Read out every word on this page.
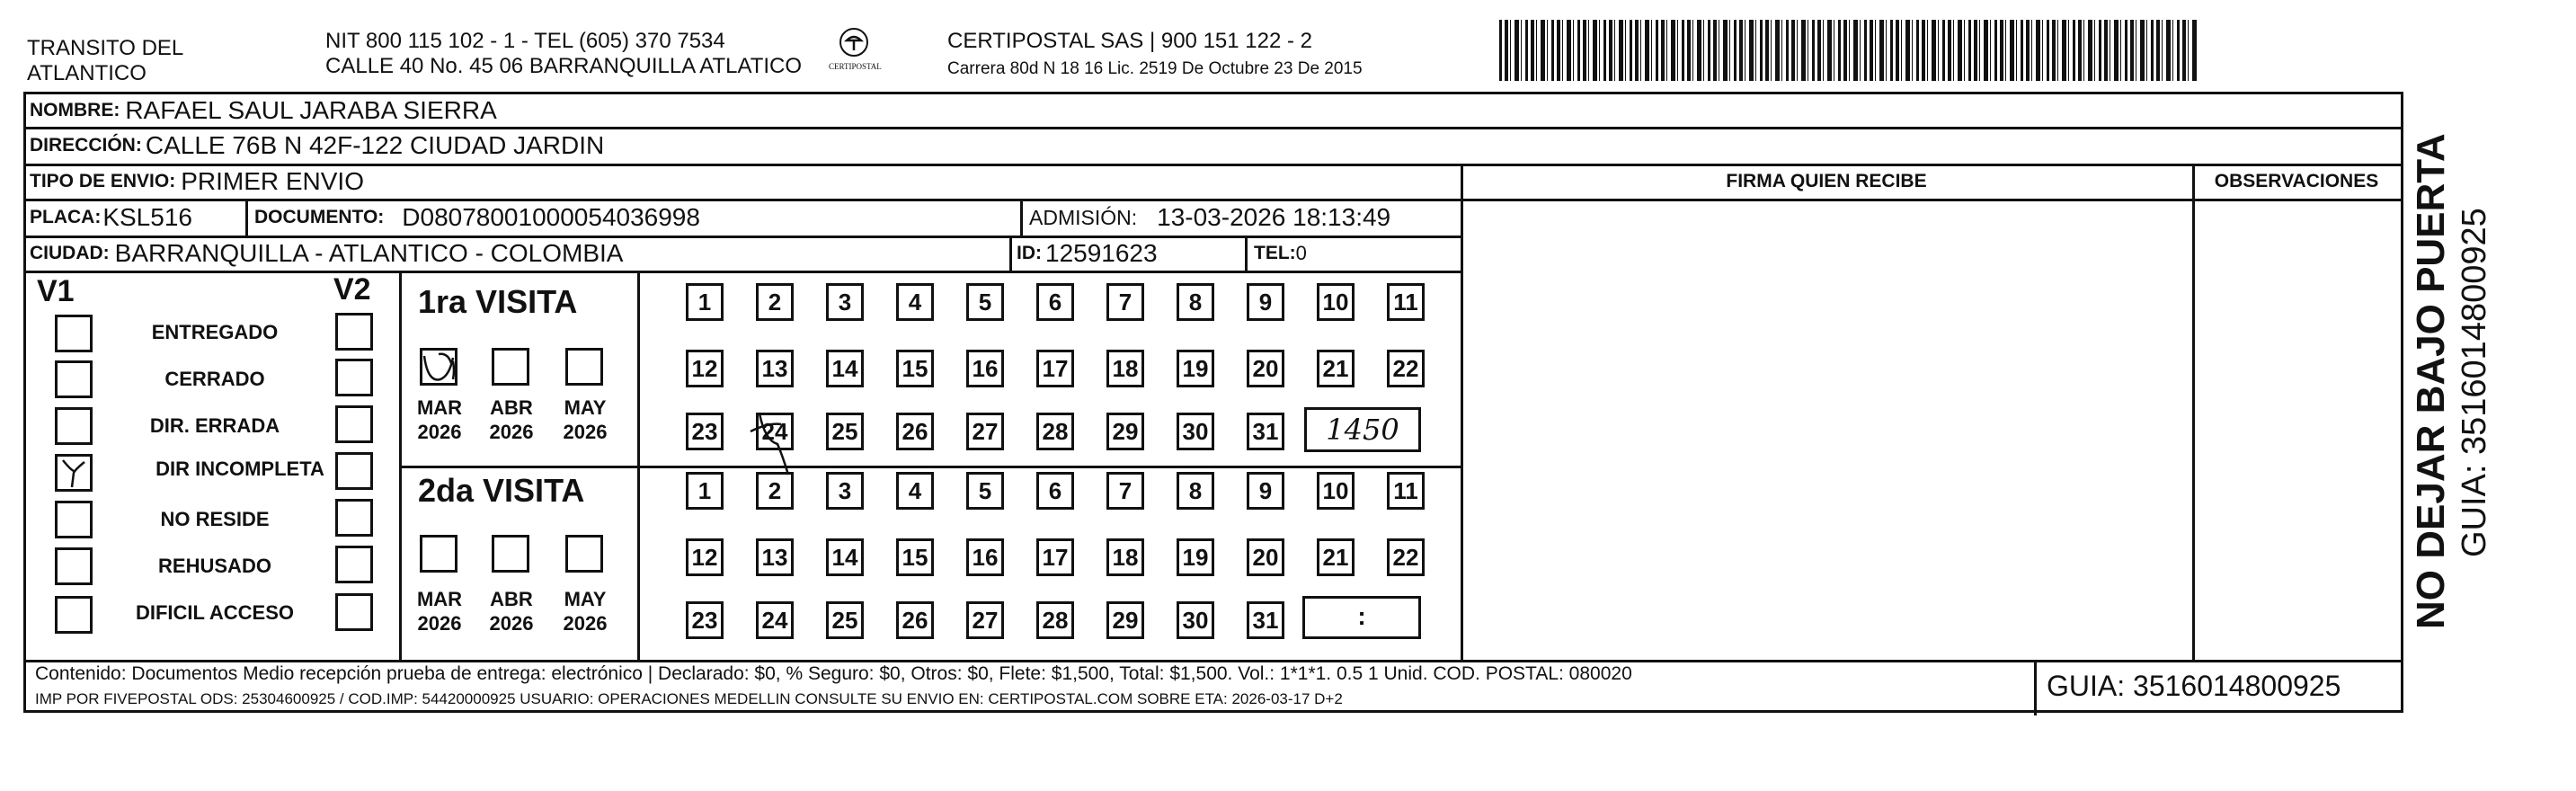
TRANSITO DEL
ATLANTICO
NIT 800 115 102 - 1 - TEL (605) 370 7534
CALLE 40 No. 45 06 BARRANQUILLA ATLATICO	CERTIPOSTAL
CERTIPOSTAL SAS | 900 151 122 - 2
Carrera 80d N 18 16 Lic. 2519 De Octubre 23 De 2015
NOMBRE: RAFAEL SAUL JARABA SIERRA
DIRECCIÓN: CALLE 76B N 42F-122 CIUDAD JARDIN
TIPO DE ENVIO: PRIMER ENVIO	FIRMA QUIEN RECIBE	OBSERVACIONES
PLACA: KSL516	DOCUMENTO: D08078001000054036998	ADMISIÓN: 13-03-2026 18:13:49
CIUDAD: BARRANQUILLA - ATLANTICO - COLOMBIA	ID: 12591623	TEL: 0
V1	V2
ENTREGADO
CERRADO
DIR. ERRADA
DIR INCOMPLETA
NO RESIDE
REHUSADO
DIFICIL ACCESO
1ra VISITA
MAR
2026
ABR
2026
MAY
2026
1	2	3	4	5	6	7	8	9	10 11
12 13 14 15 16 17 18 19 20 21 22
23 24 25 26 27 28 29 30 31	1450
2da VISITA
MAR
2026
ABR
2026
MAY
2026
1	2	3	4	5	6	7	8	9	10 11
12 13 14 15 16 17 18 19 20 21 22
23 24 25 26 27 28 29 30 31	:
Contenido: Documentos Medio recepción prueba de entrega: electrónico | Declarado: $0, % Seguro: $0, Otros: $0, Flete: $1,500, Total: $1,500. Vol.: 1*1*1. 0.5 1 Unid. COD. POSTAL: 080020
IMP POR FIVEPOSTAL ODS: 25304600925 / COD.IMP: 54420000925 USUARIO: OPERACIONES MEDELLIN CONSULTE SU ENVIO EN: CERTIPOSTAL.COM SOBRE ETA: 2026-03-17 D+2	GUIA: 3516014800925
NO DEJAR BAJO PUERTA GUIA: 3516014800925
